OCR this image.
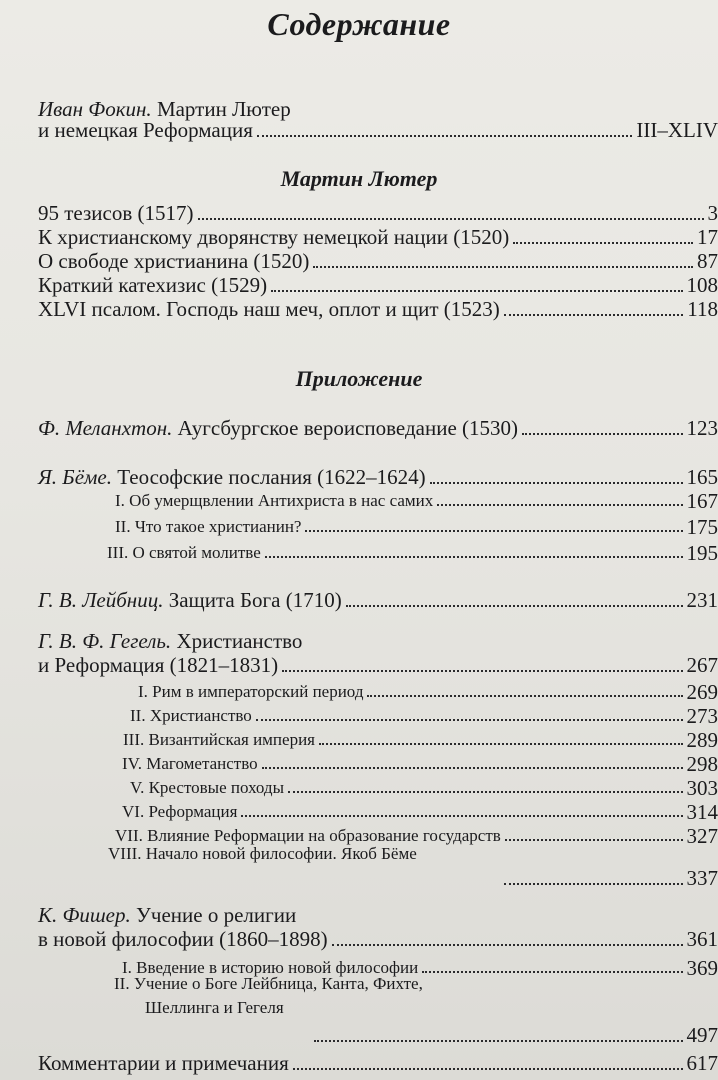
Содержание
Иван Фокин. Мартин Лютер
и немецкая Реформация	III–XLIV
Мартин Лютер
95 тезисов (1517)	3
К христианскому дворянству немецкой нации (1520)	17
О свободе христианина (1520)	87
Краткий катехизис (1529)	108
XLVI псалом. Господь наш меч, оплот и щит (1523)	118
Приложение
Ф. Меланхтон. Аугсбургское вероисповедание (1530)	123
Я. Бёме. Теософские послания (1622–1624)	165
I. Об умерщвлении Антихриста в нас самих	167
II. Что такое христианин?	175
III. О святой молитве	195
Г. В. Лейбниц. Защита Бога (1710)	231
Г. В. Ф. Гегель. Христианство
и Реформация (1821–1831)	267
I. Рим в императорский период	269
II. Христианство	273
III. Византийская империя	289
IV. Магометанство	298
V. Крестовые походы	303
VI. Реформация	314
VII. Влияние Реформации на образование государств	327
VIII. Начало новой философии. Якоб Бёме
337
К. Фишер. Учение о религии
в новой философии (1860–1898)	361
I. Введение в историю новой философии	369
II. Учение о Боге Лейбница, Канта, Фихте,
Шеллинга и Гегеля
497
Комментарии и примечания	617
